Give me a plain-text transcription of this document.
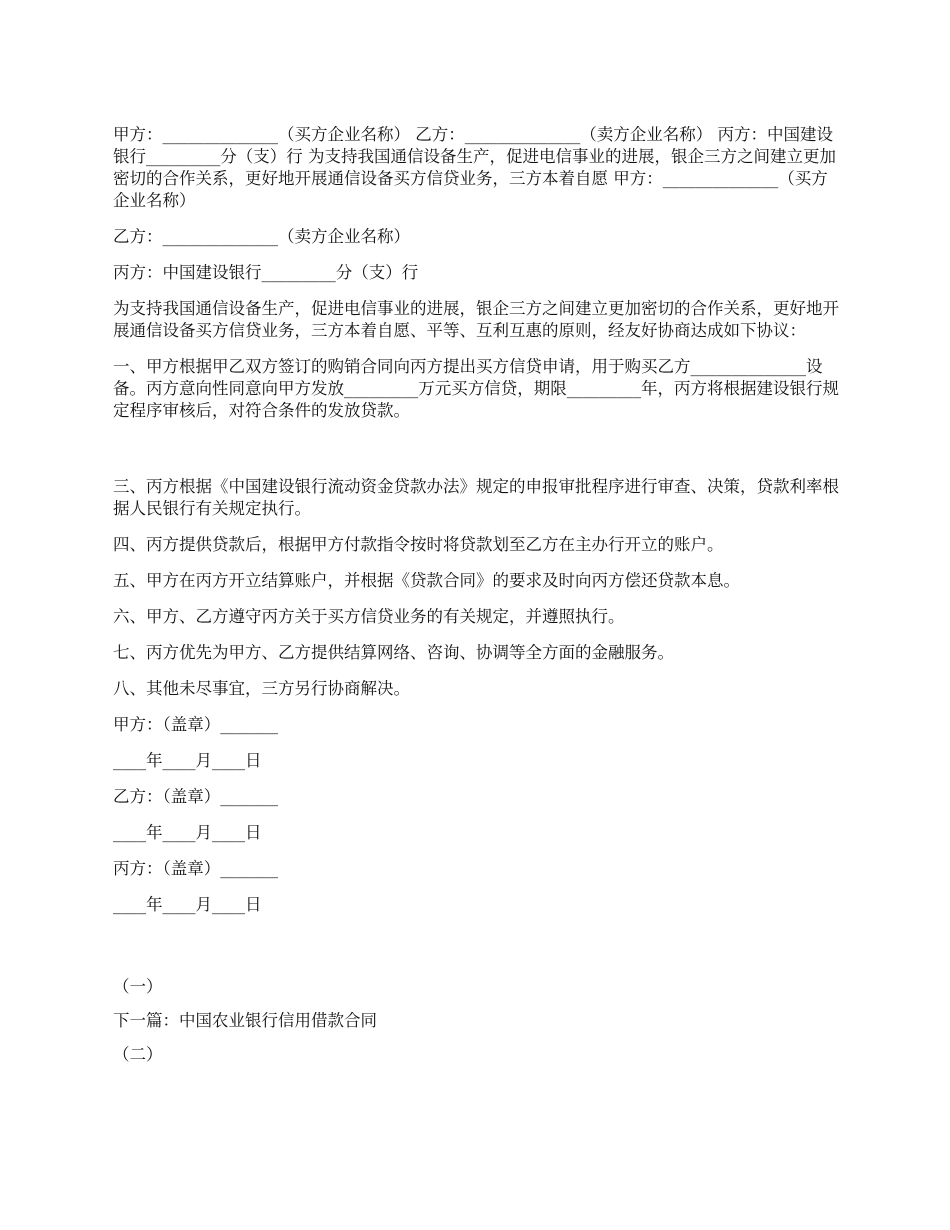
甲方：______________（买方企业名称） 乙方：______________（卖方企业名称） 丙方：中国建设银行_________分（支）行 为支持我国通信设备生产，促进电信事业的进展，银企三方之间建立更加密切的合作关系，更好地开展通信设备买方信贷业务，三方本着自愿 甲方：______________（买方企业名称）

乙方：______________（卖方企业名称）

丙方：中国建设银行_________分（支）行

为支持我国通信设备生产，促进电信事业的进展，银企三方之间建立更加密切的合作关系，更好地开展通信设备买方信贷业务，三方本着自愿、平等、互利互惠的原则，经友好协商达成如下协议：

一、甲方根据甲乙双方签订的购销合同向丙方提出买方信贷申请，用于购买乙方______________设备。丙方意向性同意向甲方发放_________万元买方信贷，期限_________年，丙方将根据建设银行规定程序审核后，对符合条件的发放贷款。

三、丙方根据《中国建设银行流动资金贷款办法》规定的申报审批程序进行审查、决策，贷款利率根据人民银行有关规定执行。

四、丙方提供贷款后，根据甲方付款指令按时将贷款划至乙方在主办行开立的账户。

五、甲方在丙方开立结算账户，并根据《贷款合同》的要求及时向丙方偿还贷款本息。

六、甲方、乙方遵守丙方关于买方信贷业务的有关规定，并遵照执行。

七、丙方优先为甲方、乙方提供结算网络、咨询、协调等全方面的金融服务。

八、其他未尽事宜，三方另行协商解决。

甲方：（盖章）_______

____年____月____日

乙方：（盖章）_______

____年____月____日

丙方：（盖章）_______

____年____月____日

（一）

下一篇：中国农业银行信用借款合同

（二）
